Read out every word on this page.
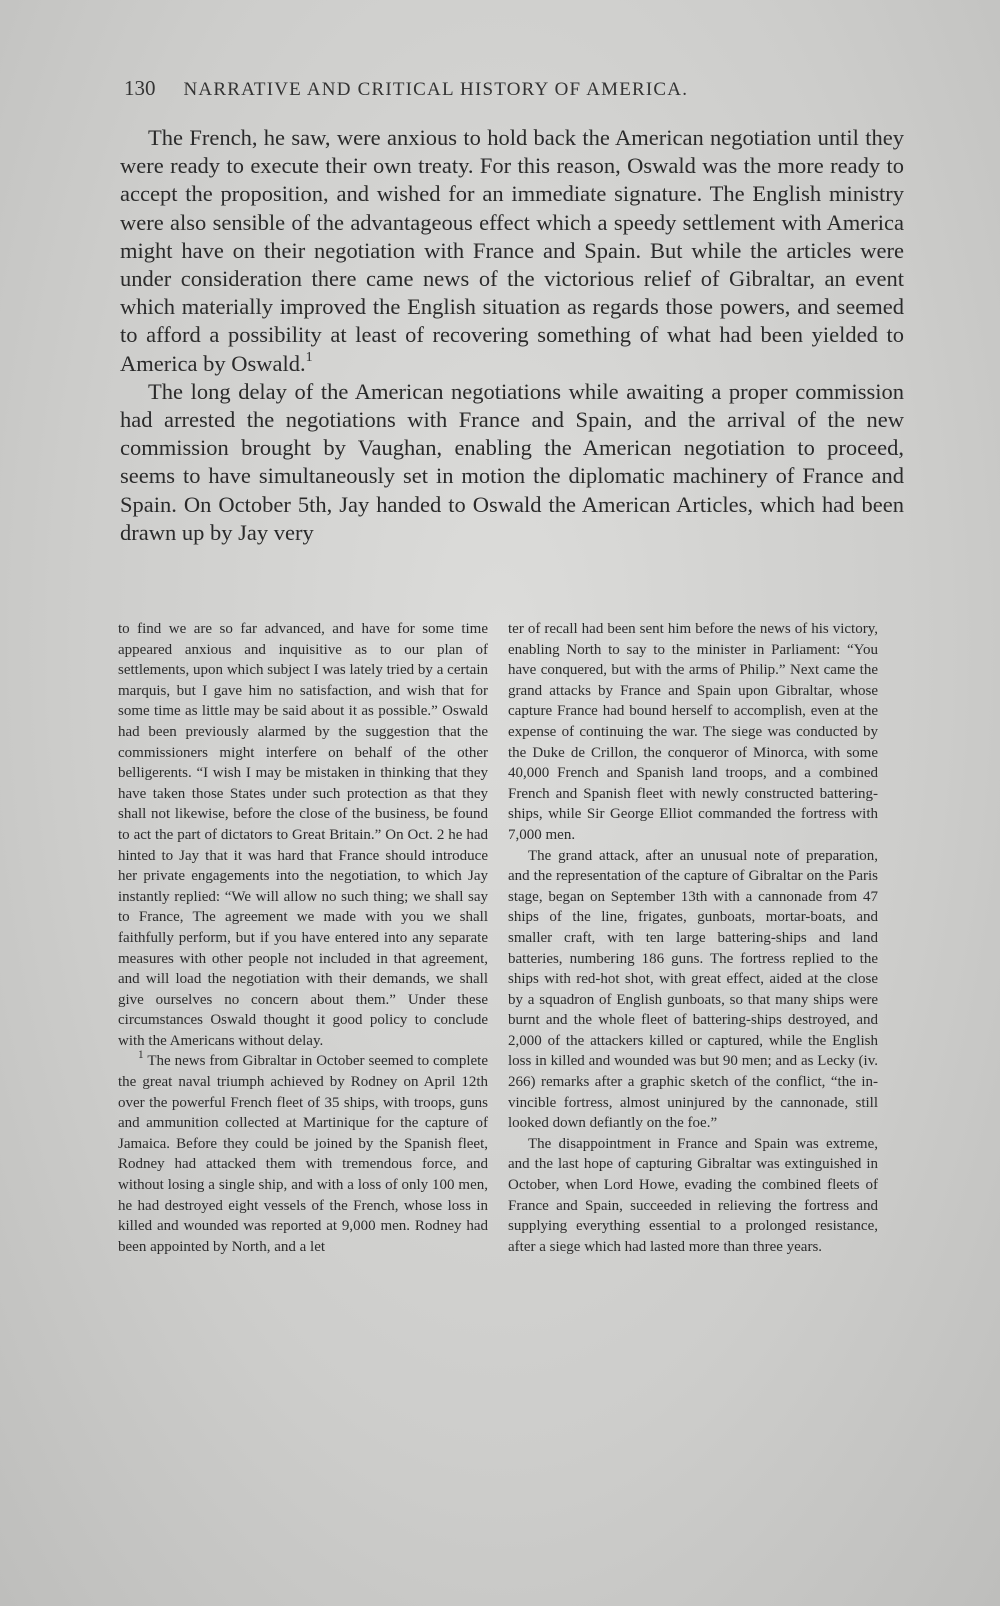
130 NARRATIVE AND CRITICAL HISTORY OF AMERICA.

The French, he saw, were anxious to hold back the American negotiation until they were ready to execute their own treaty. For this reason, Oswald was the more ready to accept the proposition, and wished for an immediate signature. The English ministry were also sensible of the advantageous effect which a speedy settlement with America might have on their negotiation with France and Spain. But while the articles were under consideration there came news of the victorious relief of Gibraltar, an event which materially improved the English situation as regards those powers, and seemed to afford a possibility at least of recovering something of what had been yielded to America by Oswald.$^1$

The long delay of the American negotiations while awaiting a proper commission had arrested the negotiations with France and Spain, and the arrival of the new commission brought by Vaughan, enabling the American negotiation to proceed, seems to have simultaneously set in motion the diplomatic machinery of France and Spain. On October 5th, Jay handed to Oswald the American Articles, which had been drawn up by Jay very

to find we are so far advanced, and have for some time appeared anxious and inquisitive as to our plan of settlements, upon which subject I was lately tried by a certain marquis, but I gave him no satisfaction, and wish that for some time as little may be said about it as possible.” Oswald had been previously alarmed by the suggestion that the commissioners might interfere on behalf of the other belligerents. “I wish I may be mistaken in thinking that they have taken those States under such protection as that they shall not likewise, before the close of the business, be found to act the part of dictators to Great Britain.” On Oct. 2 he had hinted to Jay that it was hard that France should introduce her private engagements into the negotiation, to which Jay instantly replied: “We will allow no such thing; we shall say to France, The agreement we made with you we shall faithfully perform, but if you have entered into any separate measures with other people not included in that agreement, and will load the negotiation with their demands, we shall give ourselves no concern about them.” Under these circumstances Oswald thought it good policy to conclude with the Americans without delay.

$^1$ The news from Gibraltar in October seemed to complete the great naval triumph achieved by Rodney on April 12th over the powerful French fleet of 35 ships, with troops, guns and ammunition collected at Martinique for the capture of Jamaica. Before they could be joined by the Spanish fleet, Rodney had attacked them with tremendous force, and without losing a single ship, and with a loss of only 100 men, he had destroyed eight vessels of the French, whose loss in killed and wounded was reported at 9,000 men. Rodney had been appointed by North, and a let

ter of recall had been sent him before the news of his victory, enabling North to say to the minister in Parliament: “You have conquered, but with the arms of Philip.” Next came the grand attacks by France and Spain upon Gibraltar, whose capture France had bound herself to accomplish, even at the expense of continuing the war. The siege was conducted by the Duke de Crillon, the conqueror of Minorca, with some 40,000 French and Spanish land troops, and a combined French and Spanish fleet with newly constructed battering-ships, while Sir George Elliot commanded the fortress with 7,000 men.

The grand attack, after an unusual note of preparation, and the representation of the capture of Gibraltar on the Paris stage, began on September 13th with a cannonade from 47 ships of the line, frigates, gunboats, mortar-boats, and smaller craft, with ten large battering-ships and land batteries, numbering 186 guns. The fortress replied to the ships with red-hot shot, with great effect, aided at the close by a squadron of English gunboats, so that many ships were burnt and the whole fleet of battering-ships destroyed, and 2,000 of the attackers killed or captured, while the English loss in killed and wounded was but 90 men; and as Lecky (iv. 266) remarks after a graphic sketch of the conflict, “the invincible fortress, almost uninjured by the cannonade, still looked down defiantly on the foe.”

The disappointment in France and Spain was extreme, and the last hope of capturing Gibraltar was extinguished in October, when Lord Howe, evading the combined fleets of France and Spain, succeeded in relieving the fortress and supplying everything essential to a prolonged resistance, after a siege which had lasted more than three years.
